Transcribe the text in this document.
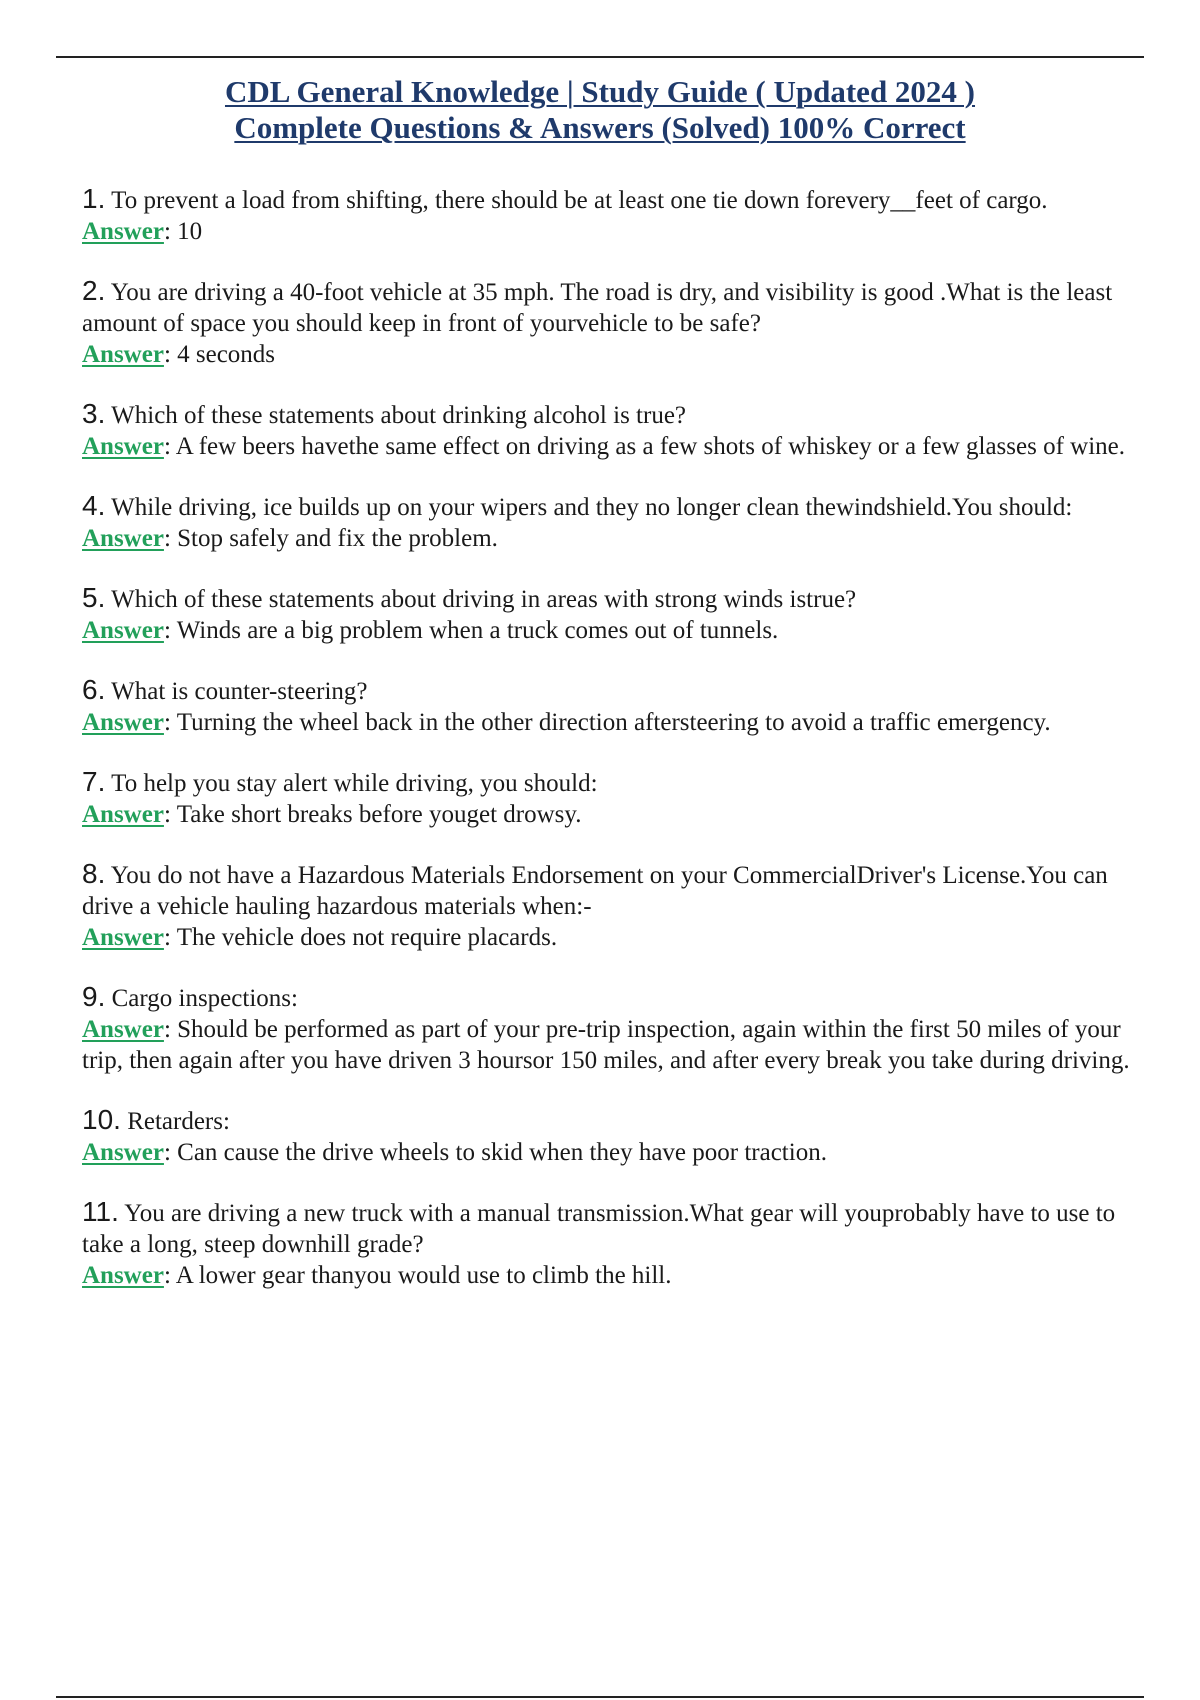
CDL General Knowledge | Study Guide ( Updated 2024 )
Complete Questions & Answers (Solved) 100% Correct
1. To prevent a load from shifting, there should be at least one tie down forevery__feet of cargo.
Answer: 10
2. You are driving a 40-foot vehicle at 35 mph. The road is dry, and visibility is good .What is the least amount of space you should keep in front of yourvehicle to be safe?
Answer: 4 seconds
3. Which of these statements about drinking alcohol is true?
Answer: A few beers havethe same effect on driving as a few shots of whiskey or a few glasses of wine.
4. While driving, ice builds up on your wipers and they no longer clean thewindshield.You should:
Answer: Stop safely and fix the problem.
5. Which of these statements about driving in areas with strong winds istrue?
Answer: Winds are a big problem when a truck comes out of tunnels.
6. What is counter-steering?
Answer: Turning the wheel back in the other direction aftersteering to avoid a traffic emergency.
7. To help you stay alert while driving, you should:
Answer: Take short breaks before youget drowsy.
8. You do not have a Hazardous Materials Endorsement on your CommercialDriver's License.You can drive a vehicle hauling hazardous materials when:-
Answer: The vehicle does not require placards.
9. Cargo inspections:
Answer: Should be performed as part of your pre-trip inspection, again within the first 50 miles of your trip, then again after you have driven 3 hoursor 150 miles, and after every break you take during driving.
10. Retarders:
Answer: Can cause the drive wheels to skid when they have poor traction.
11. You are driving a new truck with a manual transmission.What gear will youprobably have to use to take a long, steep downhill grade?
Answer: A lower gear thanyou would use to climb the hill.
